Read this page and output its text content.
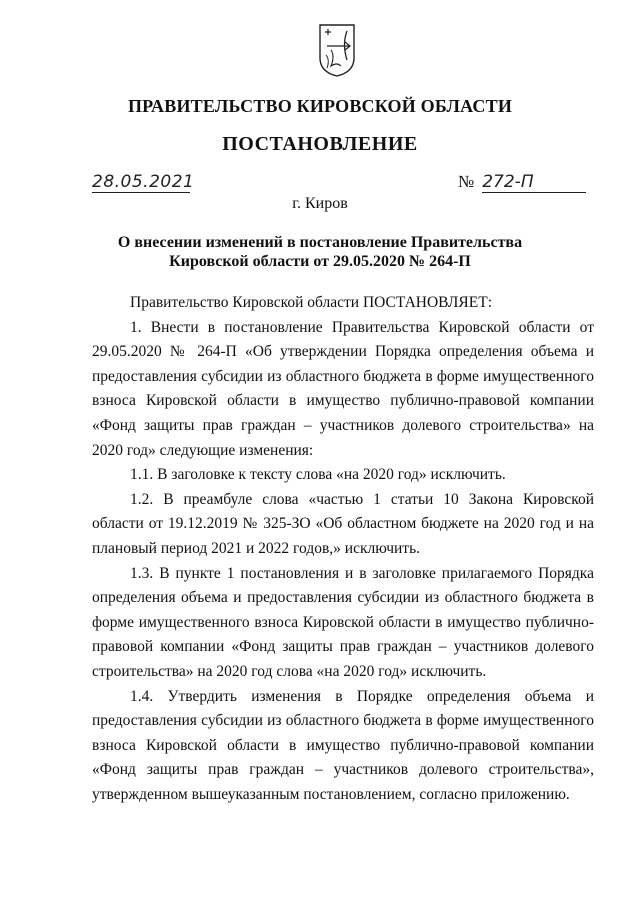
ПРАВИТЕЛЬСТВО КИРОВСКОЙ ОБЛАСТИ
ПОСТАНОВЛЕНИЕ
28.05.2021	№ 272-П
г. Киров
О внесении изменений в постановление Правительства
Кировской области от 29.05.2020 № 264-П

Правительство Кировской области ПОСТАНОВЛЯЕТ:

1. Внести в постановление Правительства Кировской области от 29.05.2020 № 264-П «Об утверждении Порядка определения объема и предоставления субсидии из областного бюджета в форме имущественного взноса Кировской области в имущество публично-правовой компании «Фонд защиты прав граждан – участников долевого строительства» на 2020 год» следующие изменения:

1.1. В заголовке к тексту слова «на 2020 год» исключить.

1.2. В преамбуле слова «частью 1 статьи 10 Закона Кировской области от 19.12.2019 № 325-ЗО «Об областном бюджете на 2020 год и на плановый период 2021 и 2022 годов,» исключить.

1.3. В пункте 1 постановления и в заголовке прилагаемого Порядка определения объема и предоставления субсидии из областного бюджета в форме имущественного взноса Кировской области в имущество публично-правовой компании «Фонд защиты прав граждан – участников долевого строительства» на 2020 год слова «на 2020 год» исключить.

1.4. Утвердить изменения в Порядке определения объема и предоставления субсидии из областного бюджета в форме имущественного взноса Кировской области в имущество публично-правовой компании «Фонд защиты прав граждан – участников долевого строительства», утвержденном вышеуказанным постановлением, согласно приложению.
